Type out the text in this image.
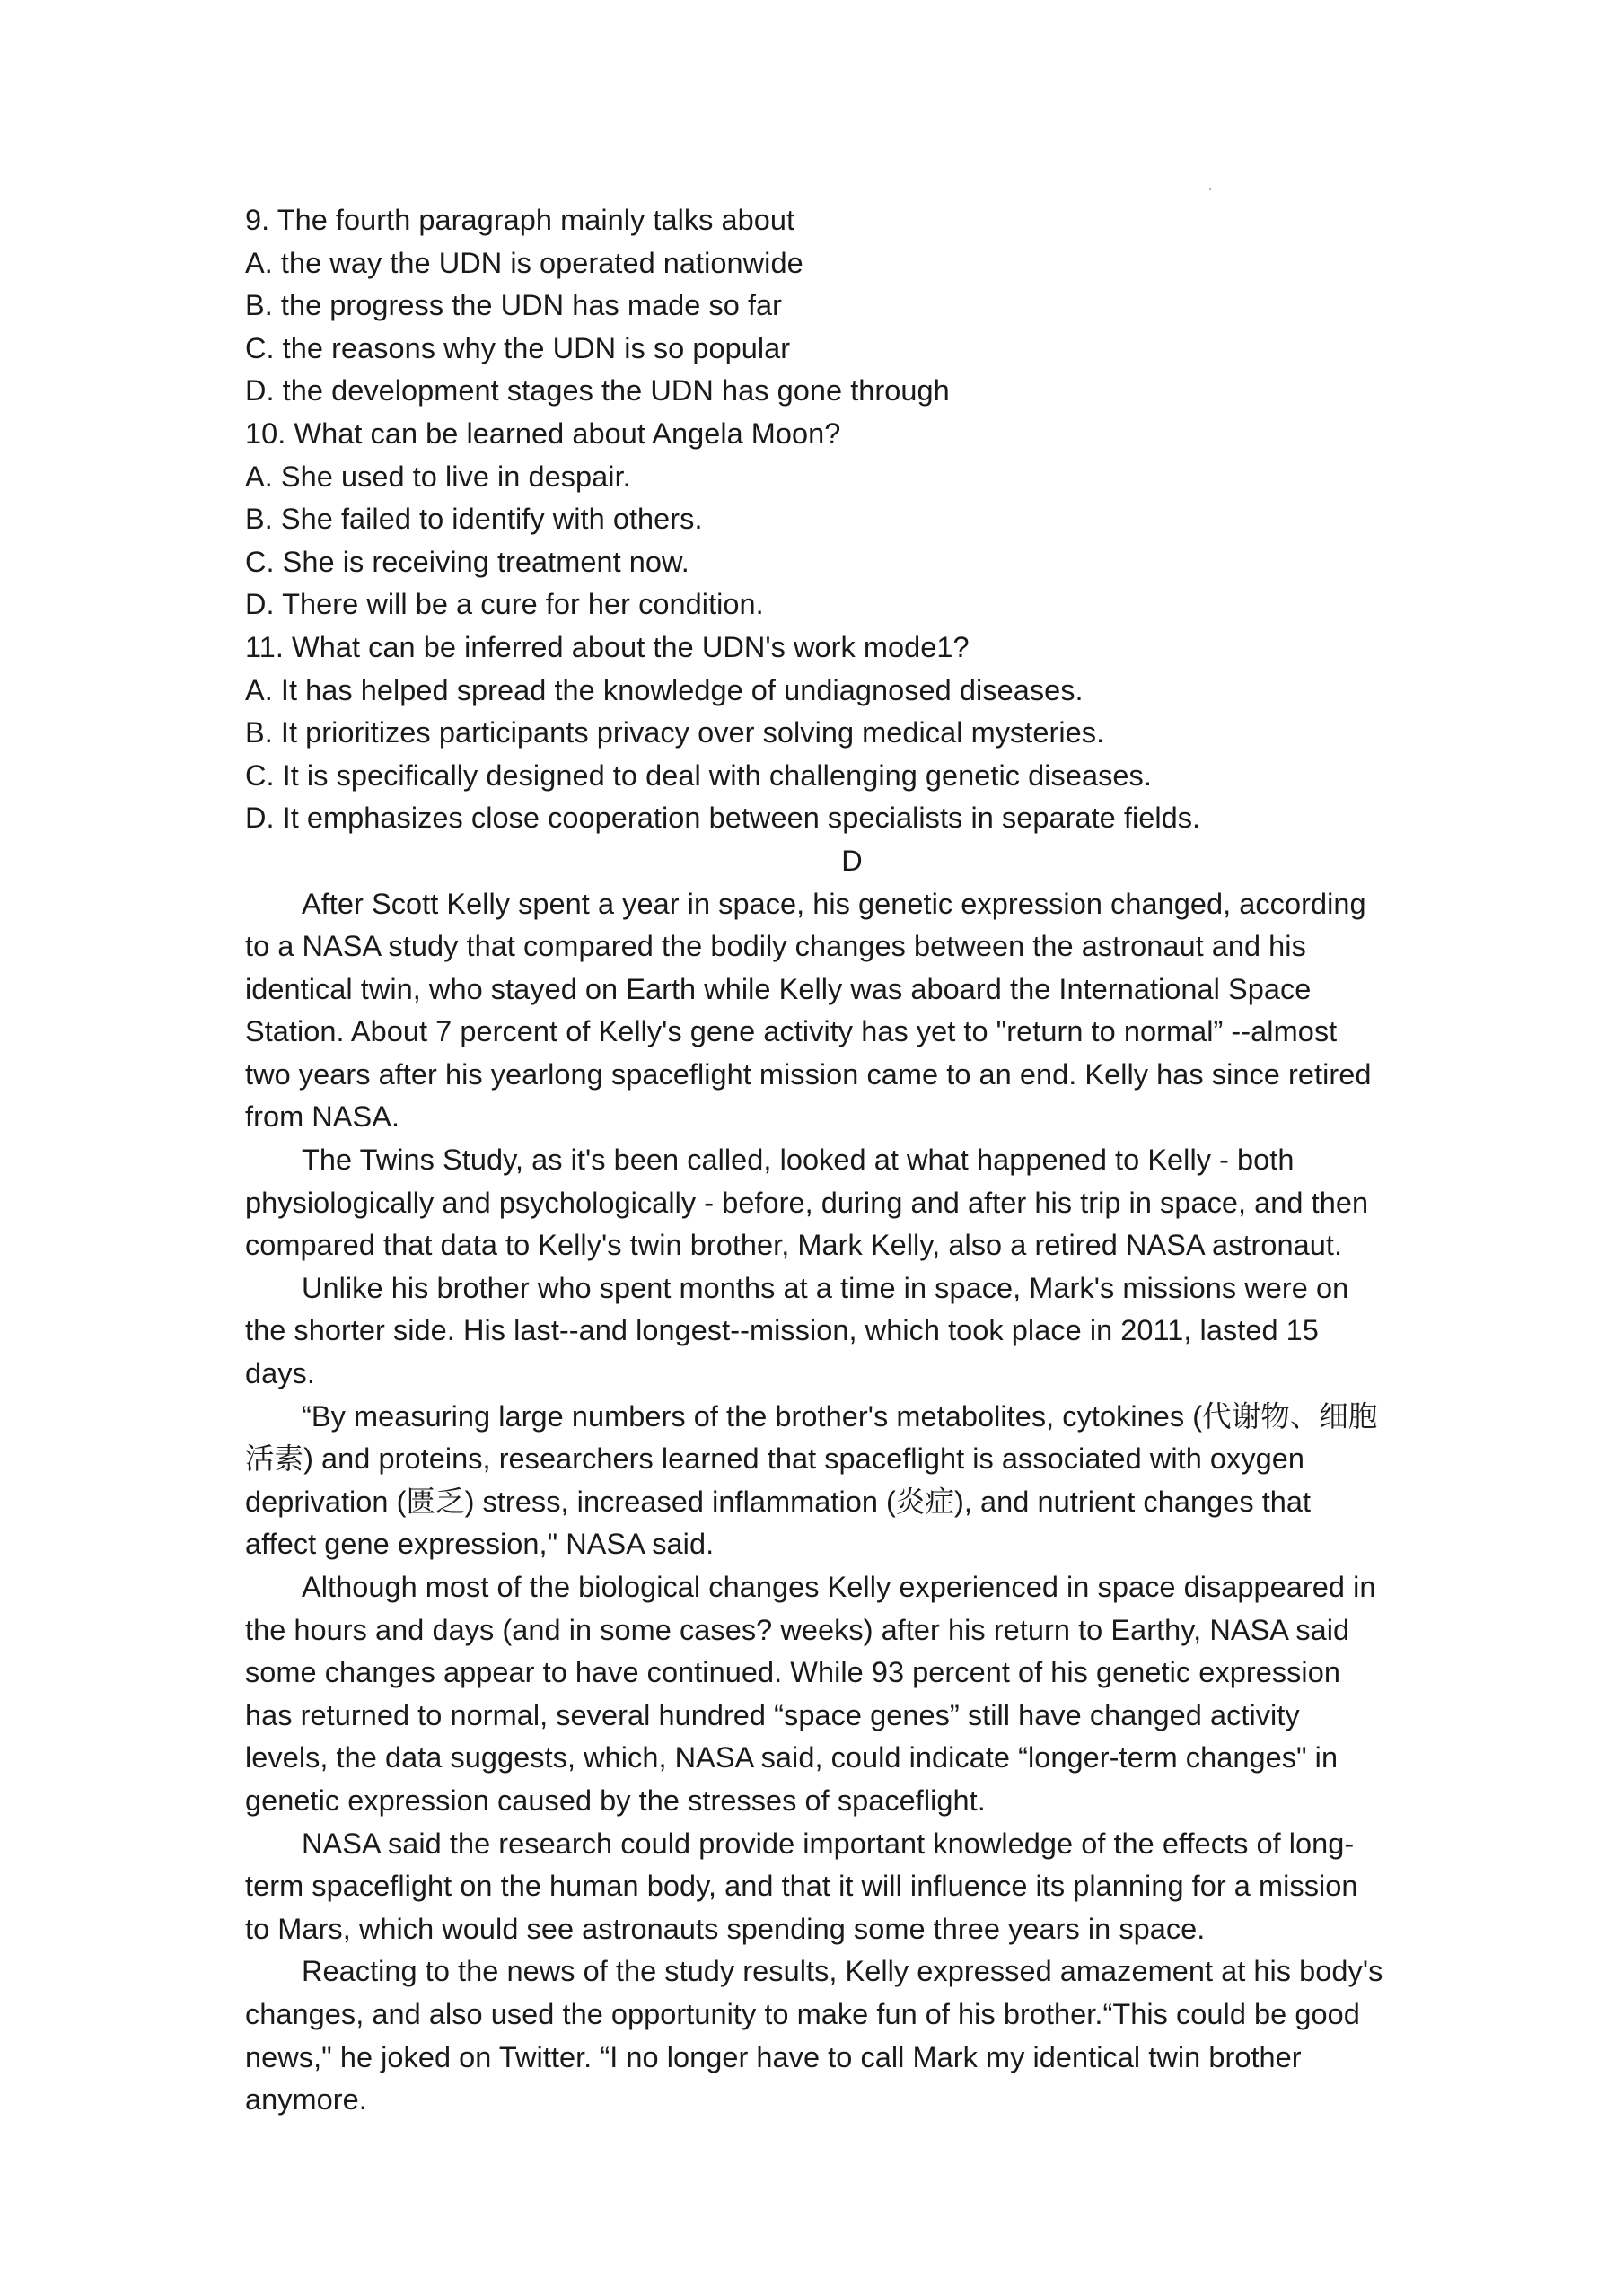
9. The fourth paragraph mainly talks about
A. the way the UDN is operated nationwide
B. the progress the UDN has made so far
C. the reasons why the UDN is so popular
D. the development stages the UDN has gone through
10. What can be learned about Angela Moon?
A. She used to live in despair.
B. She failed to identify with others.
C. She is receiving treatment now.
D. There will be a cure for her condition.
11. What can be inferred about the UDN's work mode1?
A. It has helped spread the knowledge of undiagnosed diseases.
B. It prioritizes participants privacy over solving medical mysteries.
C. It is specifically designed to deal with challenging genetic diseases.
D. It emphasizes close cooperation between specialists in separate fields.
D

After Scott Kelly spent a year in space, his genetic expression changed, according to a NASA study that compared the bodily changes between the astronaut and his identical twin, who stayed on Earth while Kelly was aboard the International Space Station. About 7 percent of Kelly's gene activity has yet to "return to normal” --almost two years after his yearlong spaceflight mission came to an end. Kelly has since retired from NASA.

The Twins Study, as it's been called, looked at what happened to Kelly - both physiologically and psychologically - before, during and after his trip in space, and then compared that data to Kelly's twin brother, Mark Kelly, also a retired NASA astronaut.

Unlike his brother who spent months at a time in space, Mark's missions were on the shorter side. His last--and longest--mission, which took place in 2011, lasted 15 days.

“By measuring large numbers of the brother's metabolites, cytokines (代谢物、细胞活素) and proteins, researchers learned that spaceflight is associated with oxygen deprivation (匮乏) stress, increased inflammation (炎症), and nutrient changes that affect gene expression," NASA said.

Although most of the biological changes Kelly experienced in space disappeared in the hours and days (and in some cases? weeks) after his return to Earthy, NASA said some changes appear to have continued. While 93 percent of his genetic expression has returned to normal, several hundred “space genes” still have changed activity levels, the data suggests, which, NASA said, could indicate “longer-term changes" in genetic expression caused by the stresses of spaceflight.

NASA said the research could provide important knowledge of the effects of long-term spaceflight on the human body, and that it will influence its planning for a mission to Mars, which would see astronauts spending some three years in space.

Reacting to the news of the study results, Kelly expressed amazement at his body's changes, and also used the opportunity to make fun of his brother.“This could be good news," he joked on Twitter. “I no longer have to call Mark my identical twin brother anymore.
